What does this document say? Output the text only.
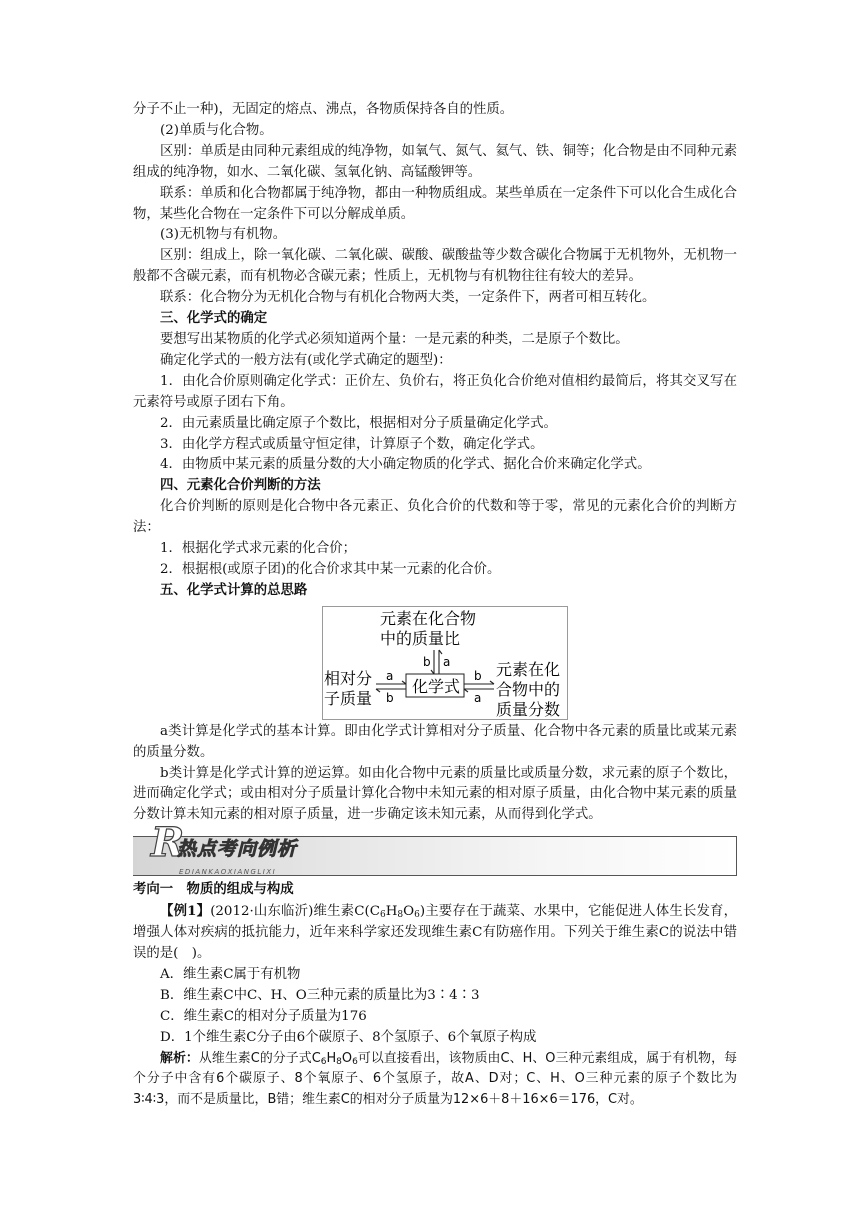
分子不止一种)，无固定的熔点、沸点，各物质保持各自的性质。

(2)单质与化合物。

区别：单质是由同种元素组成的纯净物，如氧气、氮气、氦气、铁、铜等；化合物是由不同种元素组成的纯净物，如水、二氧化碳、氢氧化钠、高锰酸钾等。

联系：单质和化合物都属于纯净物，都由一种物质组成。某些单质在一定条件下可以化合生成化合物，某些化合物在一定条件下可以分解成单质。

(3)无机物与有机物。

区别：组成上，除一氧化碳、二氧化碳、碳酸、碳酸盐等少数含碳化合物属于无机物外，无机物一般都不含碳元素，而有机物必含碳元素；性质上，无机物与有机物往往有较大的差异。

联系：化合物分为无机化合物与有机化合物两大类，一定条件下，两者可相互转化。

三、化学式的确定

要想写出某物质的化学式必须知道两个量：一是元素的种类，二是原子个数比。

确定化学式的一般方法有(或化学式确定的题型)：

1．由化合价原则确定化学式：正价左、负价右，将正负化合价绝对值相约最简后，将其交叉写在元素符号或原子团右下角。

2．由元素质量比确定原子个数比，根据相对分子质量确定化学式。

3．由化学方程式或质量守恒定律，计算原子个数，确定化学式。

4．由物质中某元素的质量分数的大小确定物质的化学式、据化合价来确定化学式。

四、元素化合价判断的方法

化合价判断的原则是化合物中各元素正、负化合价的代数和等于零，常见的元素化合价的判断方法：

1．根据化学式求元素的化合价；

2．根据根(或原子团)的化合价求其中某一元素的化合价。

五、化学式计算的总思路

元素在化合物
中的质量比
b a
化学式
相对分
子质量
a
b
b
a
元素在化
合物中的
质量分数

a类计算是化学式的基本计算。即由化学式计算相对分子质量、化合物中各元素的质量比或某元素的质量分数。

b类计算是化学式计算的逆运算。如由化合物中元素的质量比或质量分数，求元素的原子个数比，进而确定化学式；或由相对分子质量计算化合物中未知元素的相对原子质量，由化合物中某元素的质量分数计算未知元素的相对原子质量，进一步确定该未知元素，从而得到化学式。

R
热点考向例析
EDIANKAOXIANGLIXI

考向一　物质的组成与构成

【例1】(2012·山东临沂)维生素$C(C_6H_8O_6)$主要存在于蔬菜、水果中，它能促进人体生长发育，增强人体对疾病的抵抗能力，近年来科学家还发现维生素C有防癌作用。下列关于维生素C的说法中错误的是(　)。

A．维生素C属于有机物

B．维生素C中C、H、O三种元素的质量比为3∶4∶3

C．维生素C的相对分子质量为176

D．1个维生素C分子由6个碳原子、8个氢原子、6个氧原子构成

解析：从维生素C的分子式$C_6H_8O_6$可以直接看出，该物质由C、H、O三种元素组成，属于有机物，每个分子中含有6个碳原子、8个氧原子、6个氢原子，故A、D对；C、H、O三种元素的原子个数比为3∶4∶3，而不是质量比，B错；维生素C的相对分子质量为12×6＋8＋16×6＝176，C对。
